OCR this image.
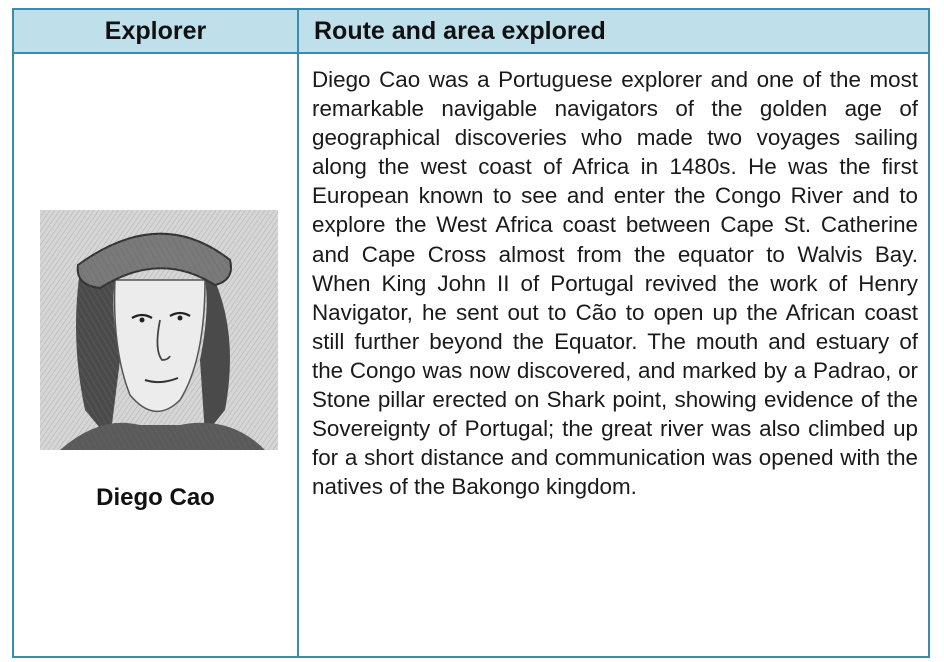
Explorer	Route and area explored
Diego Cao
Diego Cao was a Portuguese explorer and one of the most remarkable navigable navigators of the golden age of geographical discoveries who made two voyages sailing along the west coast of Africa in 1480s. He was the first European known to see and enter the Congo River and to explore the West Africa coast between Cape St. Catherine and Cape Cross almost from the equator to Walvis Bay. When King John II of Portugal revived the work of Henry Navigator, he sent out to Cão to open up the African coast still further beyond the Equator. The mouth and estuary of the Congo was now discovered, and marked by a Padrao, or Stone pillar erected on Shark point, showing evidence of the Sovereignty of Portugal; the great river was also climbed up for a short distance and communication was opened with the natives of the Bakongo kingdom.
